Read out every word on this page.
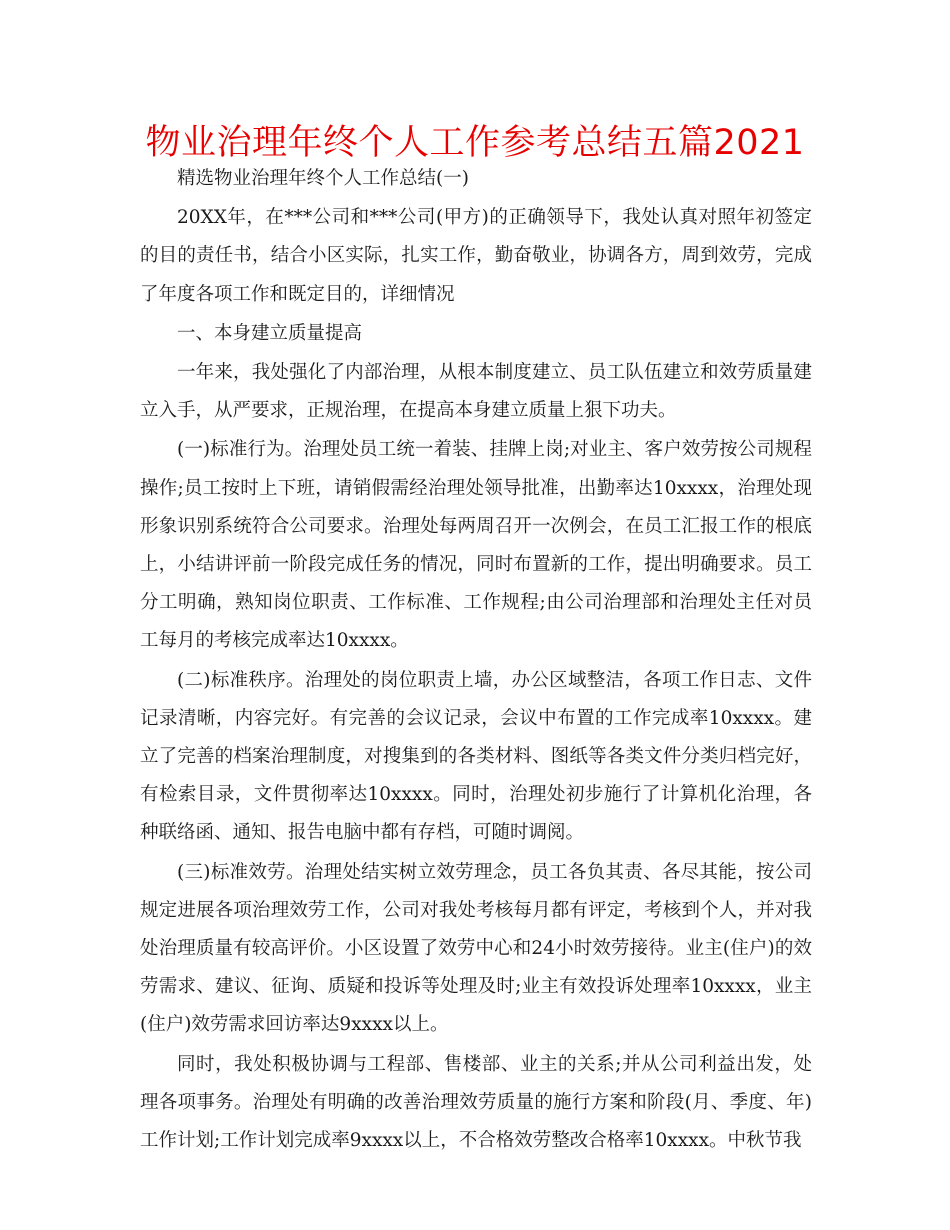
物业治理年终个人工作参考总结五篇2021

精选物业治理年终个人工作总结(一)

20XX年，在***公司和***公司(甲方)的正确领导下，我处认真对照年初签定的目的责任书，结合小区实际，扎实工作，勤奋敬业，协调各方，周到效劳，完成了年度各项工作和既定目的，详细情况

一、本身建立质量提高

一年来，我处强化了内部治理，从根本制度建立、员工队伍建立和效劳质量建立入手，从严要求，正规治理，在提高本身建立质量上狠下功夫。

(一)标准行为。治理处员工统一着装、挂牌上岗;对业主、客户效劳按公司规程操作;员工按时上下班，请销假需经治理处领导批准，出勤率达10xxxx，治理处现形象识别系统符合公司要求。治理处每两周召开一次例会，在员工汇报工作的根底上，小结讲评前一阶段完成任务的情况，同时布置新的工作，提出明确要求。员工分工明确，熟知岗位职责、工作标准、工作规程;由公司治理部和治理处主任对员工每月的考核完成率达10xxxx。

(二)标准秩序。治理处的岗位职责上墙，办公区域整洁，各项工作日志、文件记录清晰，内容完好。有完善的会议记录，会议中布置的工作完成率10xxxx。建立了完善的档案治理制度，对搜集到的各类材料、图纸等各类文件分类归档完好，有检索目录，文件贯彻率达10xxxx。同时，治理处初步施行了计算机化治理，各种联络函、通知、报告电脑中都有存档，可随时调阅。

(三)标准效劳。治理处结实树立效劳理念，员工各负其责、各尽其能，按公司规定进展各项治理效劳工作，公司对我处考核每月都有评定，考核到个人，并对我处治理质量有较高评价。小区设置了效劳中心和24小时效劳接待。业主(住户)的效劳需求、建议、征询、质疑和投诉等处理及时;业主有效投诉处理率10xxxx，业主(住户)效劳需求回访率达9xxxx以上。

同时，我处积极协调与工程部、售楼部、业主的关系;并从公司利益出发，处理各项事务。治理处有明确的改善治理效劳质量的施行方案和阶段(月、季度、年)工作计划;工作计划完成率9xxxx以上，不合格效劳整改合格率10xxxx。中秋节我
